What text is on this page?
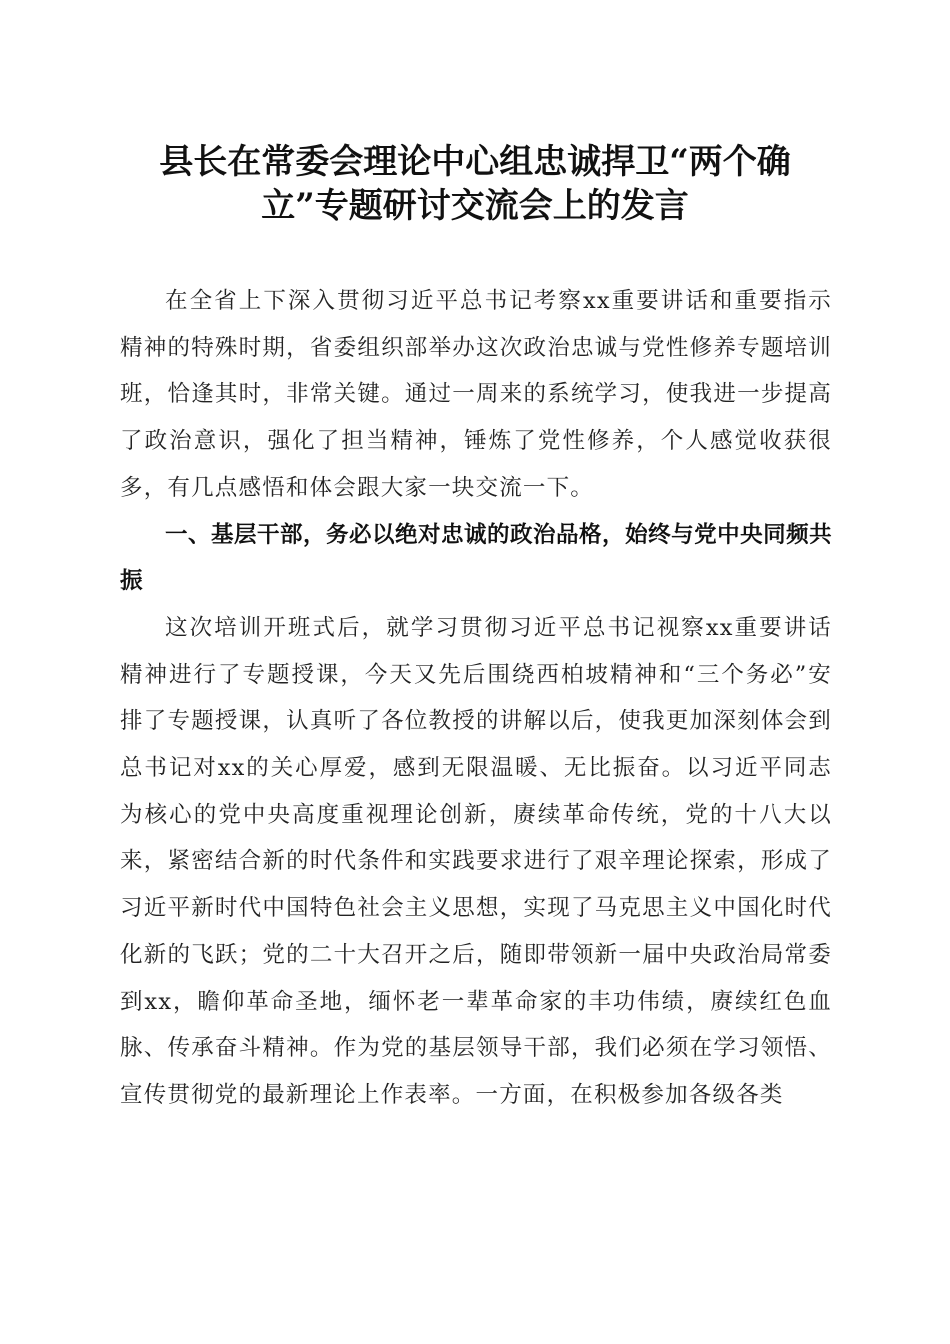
县长在常委会理论中心组忠诚捍卫“两个确立”专题研讨交流会上的发言

在全省上下深入贯彻习近平总书记考察xx重要讲话和重要指示精神的特殊时期，省委组织部举办这次政治忠诚与党性修养专题培训班，恰逢其时，非常关键。通过一周来的系统学习，使我进一步提高了政治意识，强化了担当精神，锤炼了党性修养，个人感觉收获很多，有几点感悟和体会跟大家一块交流一下。

一、基层干部，务必以绝对忠诚的政治品格，始终与党中央同频共振

这次培训开班式后，就学习贯彻习近平总书记视察xx重要讲话精神进行了专题授课，今天又先后围绕西柏坡精神和“三个务必”安排了专题授课，认真听了各位教授的讲解以后，使我更加深刻体会到总书记对xx的关心厚爱，感到无限温暖、无比振奋。以习近平同志为核心的党中央高度重视理论创新，赓续革命传统，党的十八大以来，紧密结合新的时代条件和实践要求进行了艰辛理论探索，形成了习近平新时代中国特色社会主义思想，实现了马克思主义中国化时代化新的飞跃；党的二十大召开之后，随即带领新一届中央政治局常委到xx，瞻仰革命圣地，缅怀老一辈革命家的丰功伟绩，赓续红色血脉、传承奋斗精神。作为党的基层领导干部，我们必须在学习领悟、宣传贯彻党的最新理论上作表率。一方面，在积极参加各级各类
